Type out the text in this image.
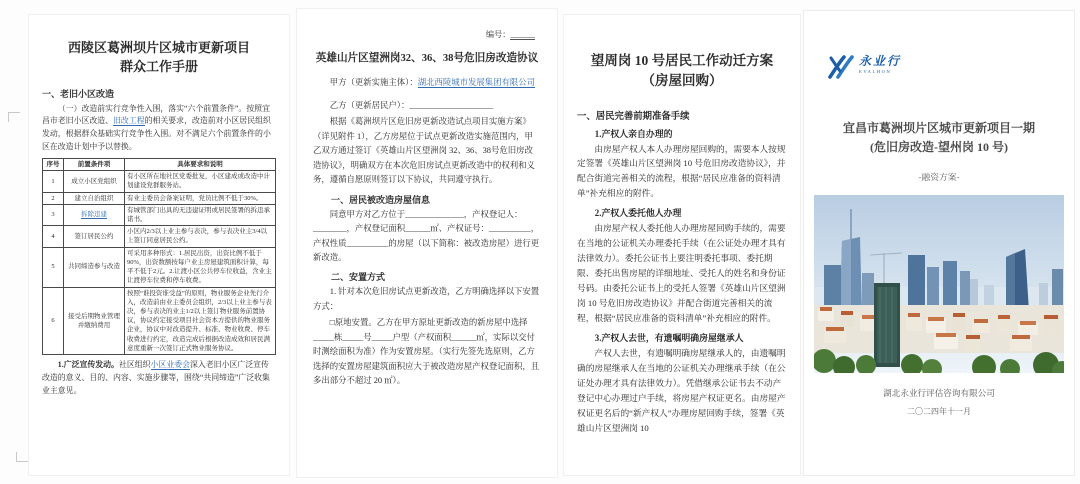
西陵区葛洲坝片区城市更新项目
群众工作手册

一、老旧小区改造

（一）改造前实行竞争性入围，落实“六个前置条件”。按照宜昌市老旧小区改造、旧改工程的相关要求，改造前对小区居民组织发动，根据群众基础实行竞争性入围。对不满足六个前置条件的小区在改造计划中予以替换。

序号	前置条件项	具体要求和说明
1	成立小区党组织	有小区所在地社区党委批复，小区建成或改造中计划建设党群服务站。
2	建立自治组织	有业主委员会备案证明，党员比例不低于30%。
3	拆除违建	有城管部门出具的无违建证明或居民签署的拆违承诺书。
4	签订居民公约	小区内2/3以上业主参与表决，参与表决业主3/4以上签订同意居民公约。
5	共同缔造参与改造	可采用多种形式：1.居民出资，出资比例不低于90%，出资数额按每户业主房屋建筑面积计算，每平不低于2元。2.让渡小区公共停车位收益，含业主让渡停车位费和停车收费。
6	接受后期物业管理并缴纳费用	按照“谁投资谁受益”的原则，物业服务企业先行介入，改造前由业主委员会组织，2/3以上业主参与表决，参与表决的业主1/2以上签订物业服务前置协议，协议约定接受项目社会资本方提供的物业服务企业，协议中对改造提升、标准、物业收费、停车收费进行约定，改造完成后根据改造成效和居民满意度重新一次签订正式物业服务协议。

1.广泛宣传发动。社区组织小区业委会深入老旧小区广泛宣传改造的意义、目的、内容、实施步骤等，围绕“共同缔造”广泛收集业主意见。

编号：______

英雄山片区望洲岗32、36、38号危旧房改造协议

甲方（更新实施主体）：湖北西陵城市发展集团有限公司

乙方（更新居民户）：____________________

根据《葛洲坝片区危旧房更新改造试点项目实施方案》（详见附件 1），乙方房屋位于试点更新改造实施范围内，甲乙双方通过签订《英雄山片区望洲岗 32、36、38号危旧房改造协议》，明确双方在本次危旧房试点更新改造中的权利和义务，遵循自愿原则签订以下协议，共同遵守执行。

一、居民被改造房屋信息

同意甲方对乙方位于______________，产权登记人：________，产权登记面积______㎡、产权证号：__________，产权性质__________的房屋（以下简称：被改造房屋）进行更新改造。

二、安置方式

1. 针对本次危旧房试点更新改造，乙方明确选择以下安置方式：

□原地安置。乙方在甲方原址更新改造的新房屋中选择_____栋_____号_____户型（产权面积______㎡，实际以交付时测绘面积为准）作为安置房屋。（实行先签先选原则，乙方选择的安置房屋建筑面积应大于被改造房屋产权登记面积，且多出部分不超过 20 ㎡）。

望周岗 10 号居民工作动迁方案
（房屋回购）

一、居民完善前期准备手续

1.产权人亲自办理的

由房屋产权人本人办理房屋回购的，需要本人按规定签署《英雄山片区望洲岗 10 号危旧房改造协议》，并配合街道完善相关的流程，根据“居民应准备的资料清单”补充相应的附件。

2.产权人委托他人办理

由房屋产权人委托他人办理房屋回购手续的，需要在当地的公证机关办理委托手续（在公证处办理才具有法律效力）。委托公证书上要注明委托事项、委托期限、委托出售房屋的详细地址、受托人的姓名和身份证号码。由委托公证书上的受托人签署《英雄山片区望洲岗 10 号危旧房改造协议》并配合街道完善相关的流程，根据“居民应准备的资料清单”补充相应的附件。

3.产权人去世，有遗嘱明确房屋继承人

产权人去世，有遗嘱明确房屋继承人的，由遗嘱明确的房屋继承人在当地的公证机关办理继承手续（在公证处办理才具有法律效力）。凭借继承公证书去不动产登记中心办理过户手续，将房屋产权证更名。由房屋产权证更名后的“新产权人”办理房屋回购手续，签署《英雄山片区望洲岗 10

永业行
EVALHON
宜昌市葛洲坝片区城市更新项目一期
(危旧房改造-望州岗 10 号)
-融资方案-
湖北永业行评估咨询有限公司
二〇二四年十一月
